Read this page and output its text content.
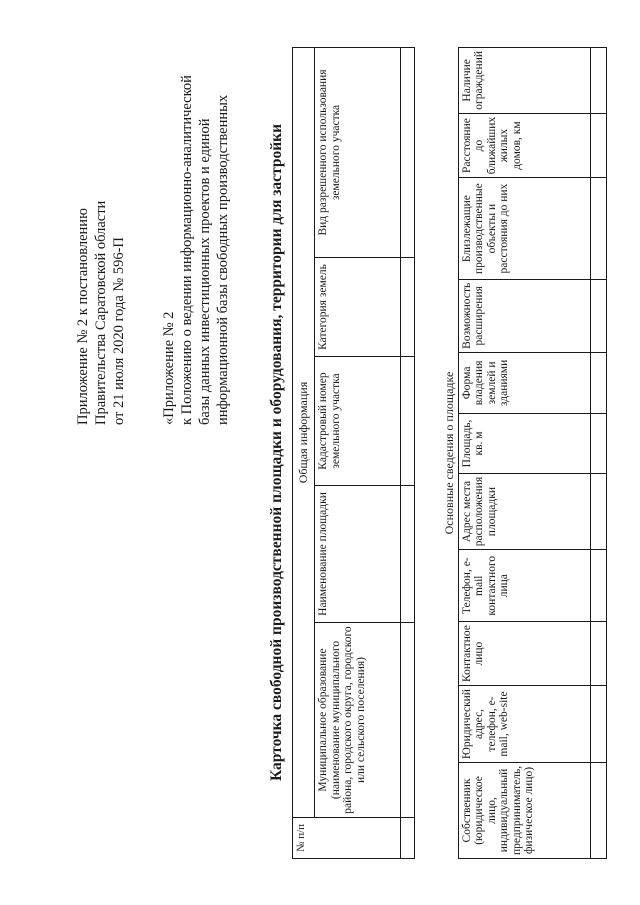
Приложение № 2 к постановлению Правительства Саратовской области от 21 июля 2020 года № 596-П «Приложение № 2 к Положению о ведении информационно-аналитической базы данных инвестиционных проектов и единой информационной базы свободных производственных Карточка свободной производственной площадки и оборудования, территории для застройки
№ п/п	Общая информация				
	Муниципальное образование (наименование муниципального района, городского округа, городского или сельского поселения)	Наименование площадки	Кадастровый номер земельного участка	Категория земель	Вид разрешенного использования земельного участка

Основные сведения о площадке										
Собственник (юридическое лицо, индивидуальный предприниматель, физическое лицо)	Юридический адрес, телефон, e-mail, web-site	Контактное лицо	Телефон, e-mail контактного лица	Адрес места расположения площадки	Площадь, кв. м	Форма владения землей и зданиями	Возможность расширения	Близлежащие производственные объекты и расстояния до них	Расстояние до ближайших жилых домов, км	Наличие ограждений
